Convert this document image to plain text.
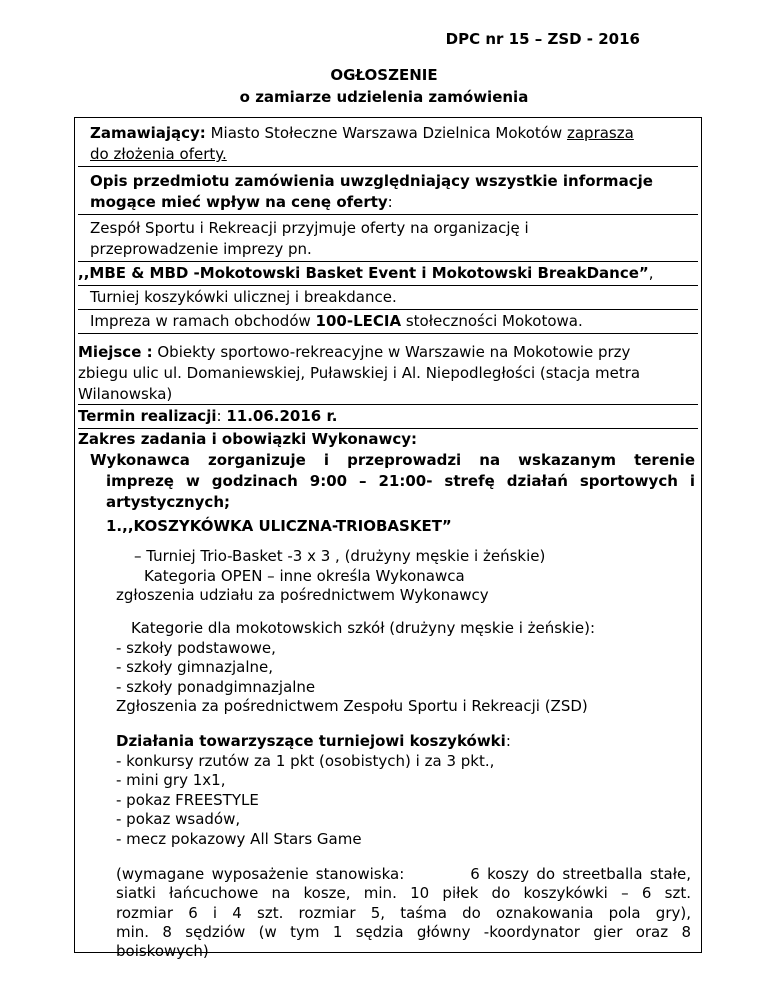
DPC nr 15 – ZSD - 2016
OGŁOSZENIE
o zamiarze udzielenia zamówienia
Zamawiający: Miasto Stołeczne Warszawa Dzielnica Mokotów zaprasza
do złożenia oferty.
Opis przedmiotu zamówienia uwzględniający wszystkie informacje
mogące mieć wpływ na cenę oferty:
Zespół Sportu i Rekreacji przyjmuje oferty na organizację i
przeprowadzenie imprezy pn.
,,MBE & MBD -Mokotowski Basket Event i Mokotowski BreakDance”,
Turniej koszykówki ulicznej i breakdance.
Impreza w ramach obchodów 100-LECIA stołeczności Mokotowa.
Miejsce : Obiekty sportowo-rekreacyjne w Warszawie na Mokotowie przy
zbiegu ulic ul. Domaniewskiej, Puławskiej i Al. Niepodległości (stacja metra
Wilanowska)
Termin realizacji: 11.06.2016 r.
Zakres zadania i obowiązki Wykonawcy:
Wykonawca zorganizuje i przeprowadzi na wskazanym terenie
imprezę w godzinach 9:00 – 21:00- strefę działań sportowych i
artystycznych;
1.,,KOSZYKÓWKA ULICZNA-TRIOBASKET”
– Turniej Trio-Basket -3 x 3 , (drużyny męskie i żeńskie)
Kategoria OPEN – inne określa Wykonawca
zgłoszenia udziału za pośrednictwem Wykonawcy
Kategorie dla mokotowskich szkół (drużyny męskie i żeńskie):
- szkoły podstawowe,
- szkoły gimnazjalne,
- szkoły ponadgimnazjalne
Zgłoszenia za pośrednictwem Zespołu Sportu i Rekreacji (ZSD)
Działania towarzyszące turniejowi koszykówki:
- konkursy rzutów za 1 pkt (osobistych) i za 3 pkt.,
- mini gry 1x1,
- pokaz FREESTYLE
- pokaz wsadów,
- mecz pokazowy All Stars Game
(wymagane wyposażenie stanowiska:         6 koszy do streetballa stałe,
siatki łańcuchowe na kosze, min. 10 piłek do koszykówki – 6 szt.
rozmiar 6 i 4 szt. rozmiar 5, taśma do oznakowania pola gry),
min. 8 sędziów (w tym 1 sędzia główny -koordynator gier oraz 8
boiskowych)
